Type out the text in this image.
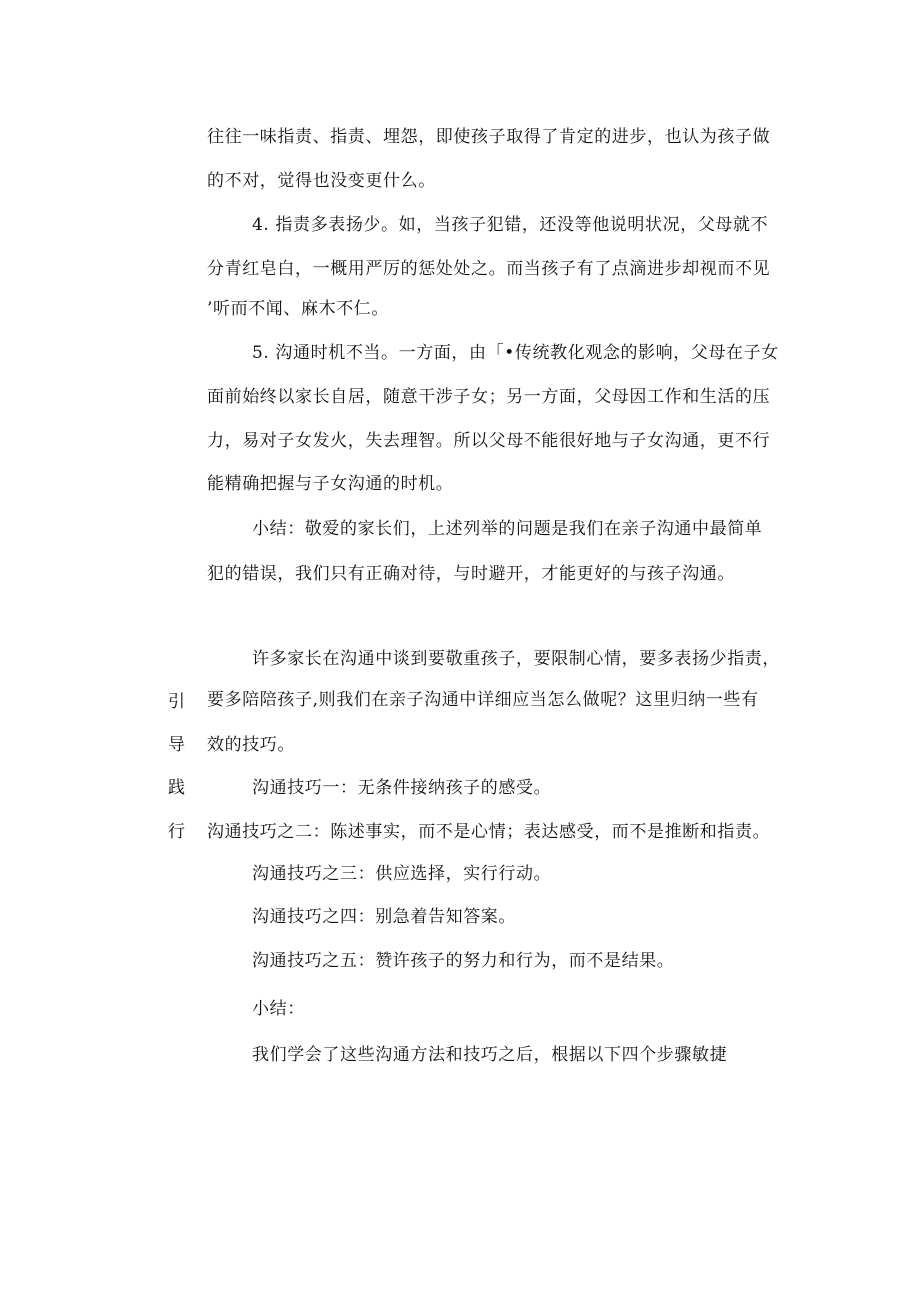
往往一味指责、指责、埋怨，即使孩子取得了肯定的进步，也认为孩子做
的不对，觉得也没变更什么。
4. 指责多表扬少。如，当孩子犯错，还没等他说明状况，父母就不
分青红皂白，一概用严厉的惩处处之。而当孩子有了点滴进步却视而不见
’听而不闻、麻木不仁。
5. 沟通时机不当。一方面，由「•传统教化观念的影响，父母在子女
面前始终以家长自居，随意干涉子女；另一方面，父母因工作和生活的压
力，易对子女发火，失去理智。所以父母不能很好地与子女沟通，更不行
能精确把握与子女沟通的时机。
小结：敬爱的家长们，上述列举的问题是我们在亲子沟通中最简单
犯的错误，我们只有正确对待，与时避开，才能更好的与孩子沟通。
许多家长在沟通中谈到要敬重孩子，要限制心情，要多表扬少指责，
要多陪陪孩子,则我们在亲子沟通中详细应当怎么做呢？这里归纳一些有
效的技巧。
引
导
践
行
沟通技巧一：无条件接纳孩子的感受。
沟通技巧之二：陈述事实，而不是心情；表达感受，而不是推断和指责。
沟通技巧之三：供应选择，实行行动。
沟通技巧之四：别急着告知答案。
沟通技巧之五：赞许孩子的努力和行为，而不是结果。
小结：
我们学会了这些沟通方法和技巧之后，根据以下四个步骤敏捷
